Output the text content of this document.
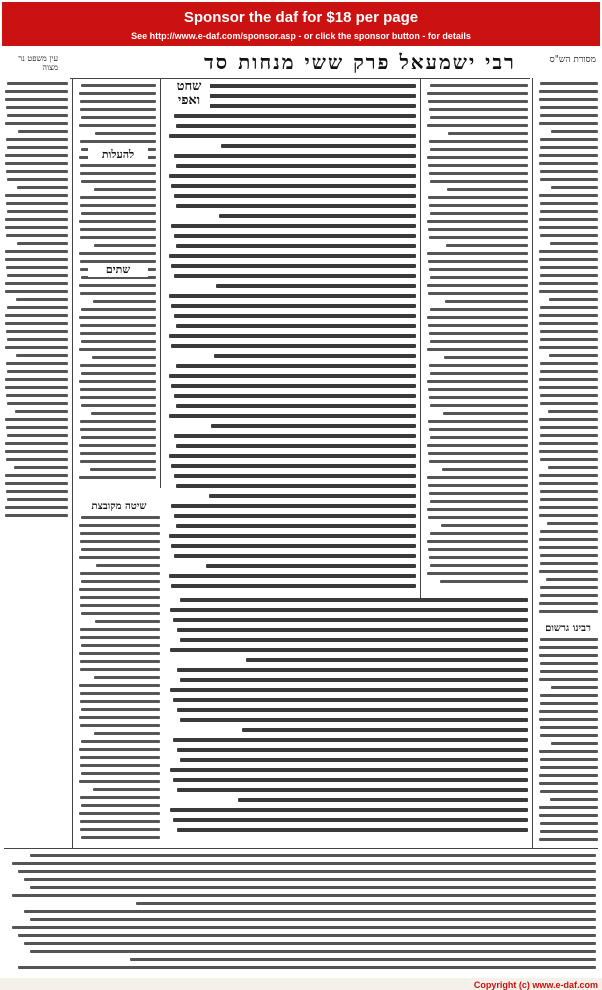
Sponsor the daf for $18 per page
See http://www.e-daf.com/sponsor.asp - or click the sponsor button - for details
עין משפט נר מצוה	רבי ישמעאל פרק ששי מנחות סד	מסורת הש"ס
שחט ואפי
להעלות
שתים
שיטה מקובצת
רבינו גרשום
Copyright (c) www.e-daf.com
